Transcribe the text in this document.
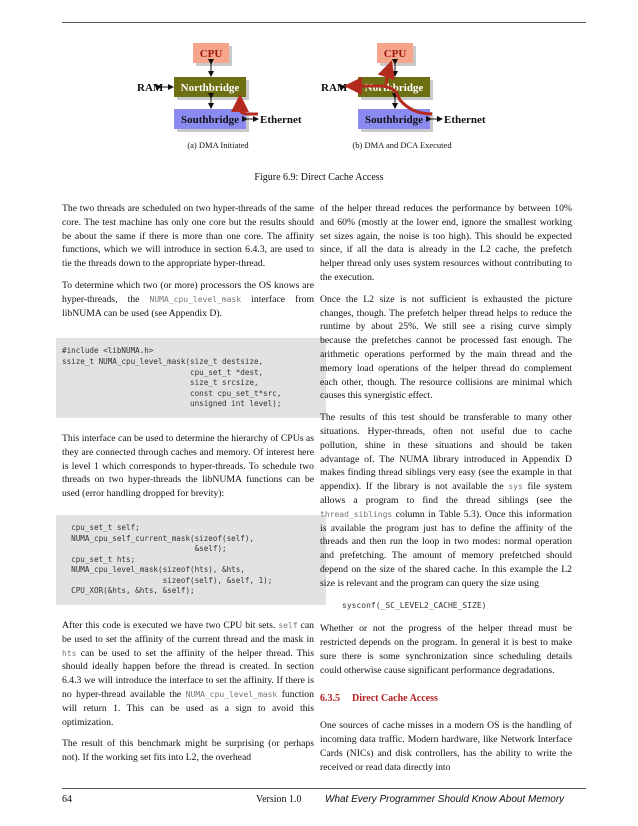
CPU
Northbridge
RAM
Southbridge Ethernet
(a) DMA Initiated
CPU
Northbridge
RAM
Southbridge Ethernet
(b) DMA and DCA Executed
Figure 6.9: Direct Cache Access

The two threads are scheduled on two hyper-threads of the same core. The test machine has only one core but the results should be about the same if there is more than one core. The affinity functions, which we will introduce in section 6.4.3, are used to tie the threads down to the appropriate hyper-thread.

To determine which two (or more) processors the OS knows are hyper-threads, the NUMA_cpu_level_mask interface from libNUMA can be used (see Appendix D).

#include <libNUMA.h>
ssize_t NUMA_cpu_level_mask(size_t destsize,
cpu_set_t *dest,
size_t srcsize,
const cpu_set_t*src,
unsigned int level);

This interface can be used to determine the hierarchy of CPUs as they are connected through caches and memory. Of interest here is level 1 which corresponds to hyper-threads. To schedule two threads on two hyper-threads the libNUMA functions can be used (error handling dropped for brevity):

cpu_set_t self;
NUMA_cpu_self_current_mask(sizeof(self),
&self);
cpu_set_t hts;
NUMA_cpu_level_mask(sizeof(hts), &hts,
sizeof(self), &self, 1);
CPU_XOR(&hts, &hts, &self);

After this code is executed we have two CPU bit sets. self can be used to set the affinity of the current thread and the mask in hts can be used to set the affinity of the helper thread. This should ideally happen before the thread is created. In section 6.4.3 we will introduce the interface to set the affinity. If there is no hyper-thread available the NUMA_cpu_level_mask function will return 1. This can be used as a sign to avoid this optimization.

The result of this benchmark might be surprising (or perhaps not). If the working set fits into L2, the overhead

of the helper thread reduces the performance by between 10% and 60% (mostly at the lower end, ignore the smallest working set sizes again, the noise is too high). This should be expected since, if all the data is already in the L2 cache, the prefetch helper thread only uses system resources without contributing to the execution.

Once the L2 size is not sufficient is exhausted the picture changes, though. The prefetch helper thread helps to reduce the runtime by about 25%. We still see a rising curve simply because the prefetches cannot be processed fast enough. The arithmetic operations performed by the main thread and the memory load operations of the helper thread do complement each other, though. The resource collisions are minimal which causes this synergistic effect.

The results of this test should be transferable to many other situations. Hyper-threads, often not useful due to cache pollution, shine in these situations and should be taken advantage of. The NUMA library introduced in Appendix D makes finding thread siblings very easy (see the example in that appendix). If the library is not available the sys file system allows a program to find the thread siblings (see the thread_siblings column in Table 5.3). Once this information is available the program just has to define the affinity of the threads and then run the loop in two modes: normal operation and prefetching. The amount of memory prefetched should depend on the size of the shared cache. In this example the L2 size is relevant and the program can query the size using

sysconf(_SC_LEVEL2_CACHE_SIZE)

Whether or not the progress of the helper thread must be restricted depends on the program. In general it is best to make sure there is some synchronization since scheduling details could otherwise cause significant performance degradations.

6.3.5 Direct Cache Access

One sources of cache misses in a modern OS is the handling of incoming data traffic. Modern hardware, like Network Interface Cards (NICs) and disk controllers, has the ability to write the received or read data directly into

64	Version 1.0 What Every Programmer Should Know About Memory
